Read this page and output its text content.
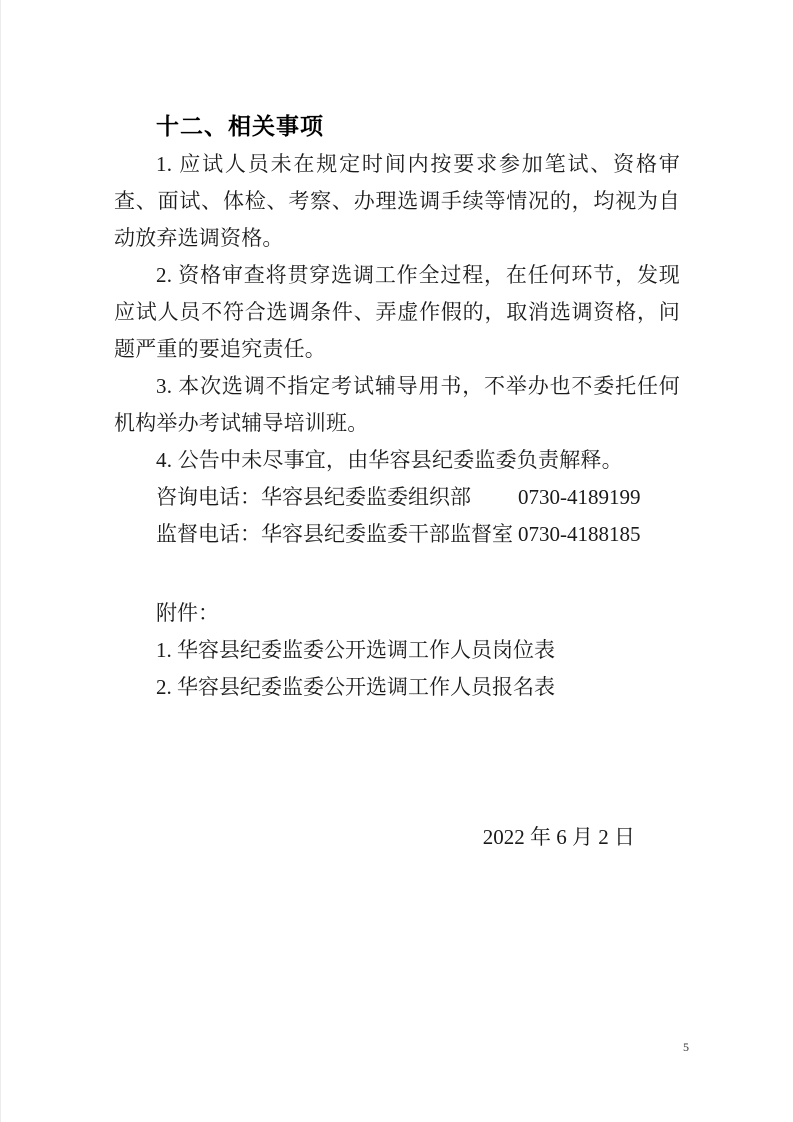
十二、相关事项

1. 应试人员未在规定时间内按要求参加笔试、资格审查、面试、体检、考察、办理选调手续等情况的，均视为自动放弃选调资格。

2. 资格审查将贯穿选调工作全过程，在任何环节，发现应试人员不符合选调条件、弄虚作假的，取消选调资格，问题严重的要追究责任。

3. 本次选调不指定考试辅导用书，不举办也不委托任何机构举办考试辅导培训班。

4. 公告中未尽事宜，由华容县纪委监委负责解释。

咨询电话：华容县纪委监委组织部	0730-4189199
监督电话：华容县纪委监委干部监督室 0730-4188185

附件：

1. 华容县纪委监委公开选调工作人员岗位表

2. 华容县纪委监委公开选调工作人员报名表

2022 年 6 月 2 日
5
